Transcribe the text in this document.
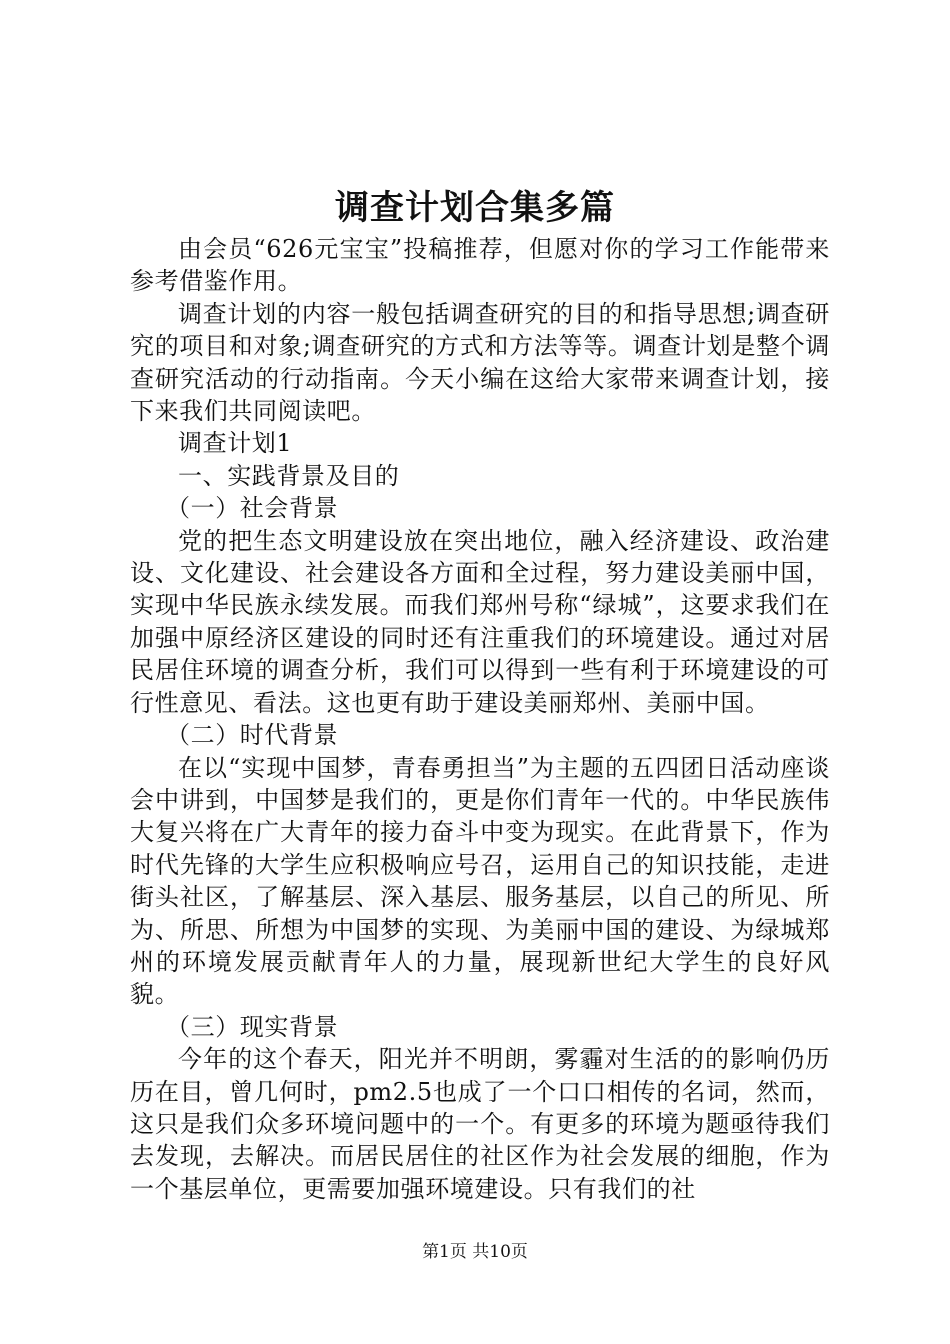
调查计划合集多篇

由会员“626元宝宝”投稿推荐，但愿对你的学习工作能带来参考借鉴作用。

调查计划的内容一般包括调查研究的目的和指导思想;调查研究的项目和对象;调查研究的方式和方法等等。调查计划是整个调查研究活动的行动指南。今天小编在这给大家带来调查计划，接下来我们共同阅读吧。

调查计划1

一、实践背景及目的

（一）社会背景

党的把生态文明建设放在突出地位，融入经济建设、政治建设、文化建设、社会建设各方面和全过程，努力建设美丽中国，实现中华民族永续发展。而我们郑州号称“绿城”，这要求我们在加强中原经济区建设的同时还有注重我们的环境建设。通过对居民居住环境的调查分析，我们可以得到一些有利于环境建设的可行性意见、看法。这也更有助于建设美丽郑州、美丽中国。

（二）时代背景

在以“实现中国梦，青春勇担当”为主题的五四团日活动座谈会中讲到，中国梦是我们的，更是你们青年一代的。中华民族伟大复兴将在广大青年的接力奋斗中变为现实。在此背景下，作为时代先锋的大学生应积极响应号召，运用自己的知识技能，走进街头社区，了解基层、深入基层、服务基层，以自己的所见、所为、所思、所想为中国梦的实现、为美丽中国的建设、为绿城郑州的环境发展贡献青年人的力量，展现新世纪大学生的良好风貌。

（三）现实背景

今年的这个春天，阳光并不明朗，雾霾对生活的的影响仍历历在目，曾几何时，pm2.5也成了一个口口相传的名词，然而，这只是我们众多环境问题中的一个。有更多的环境为题亟待我们去发现，去解决。而居民居住的社区作为社会发展的细胞，作为一个基层单位，更需要加强环境建设。只有我们的社

第1页 共10页
